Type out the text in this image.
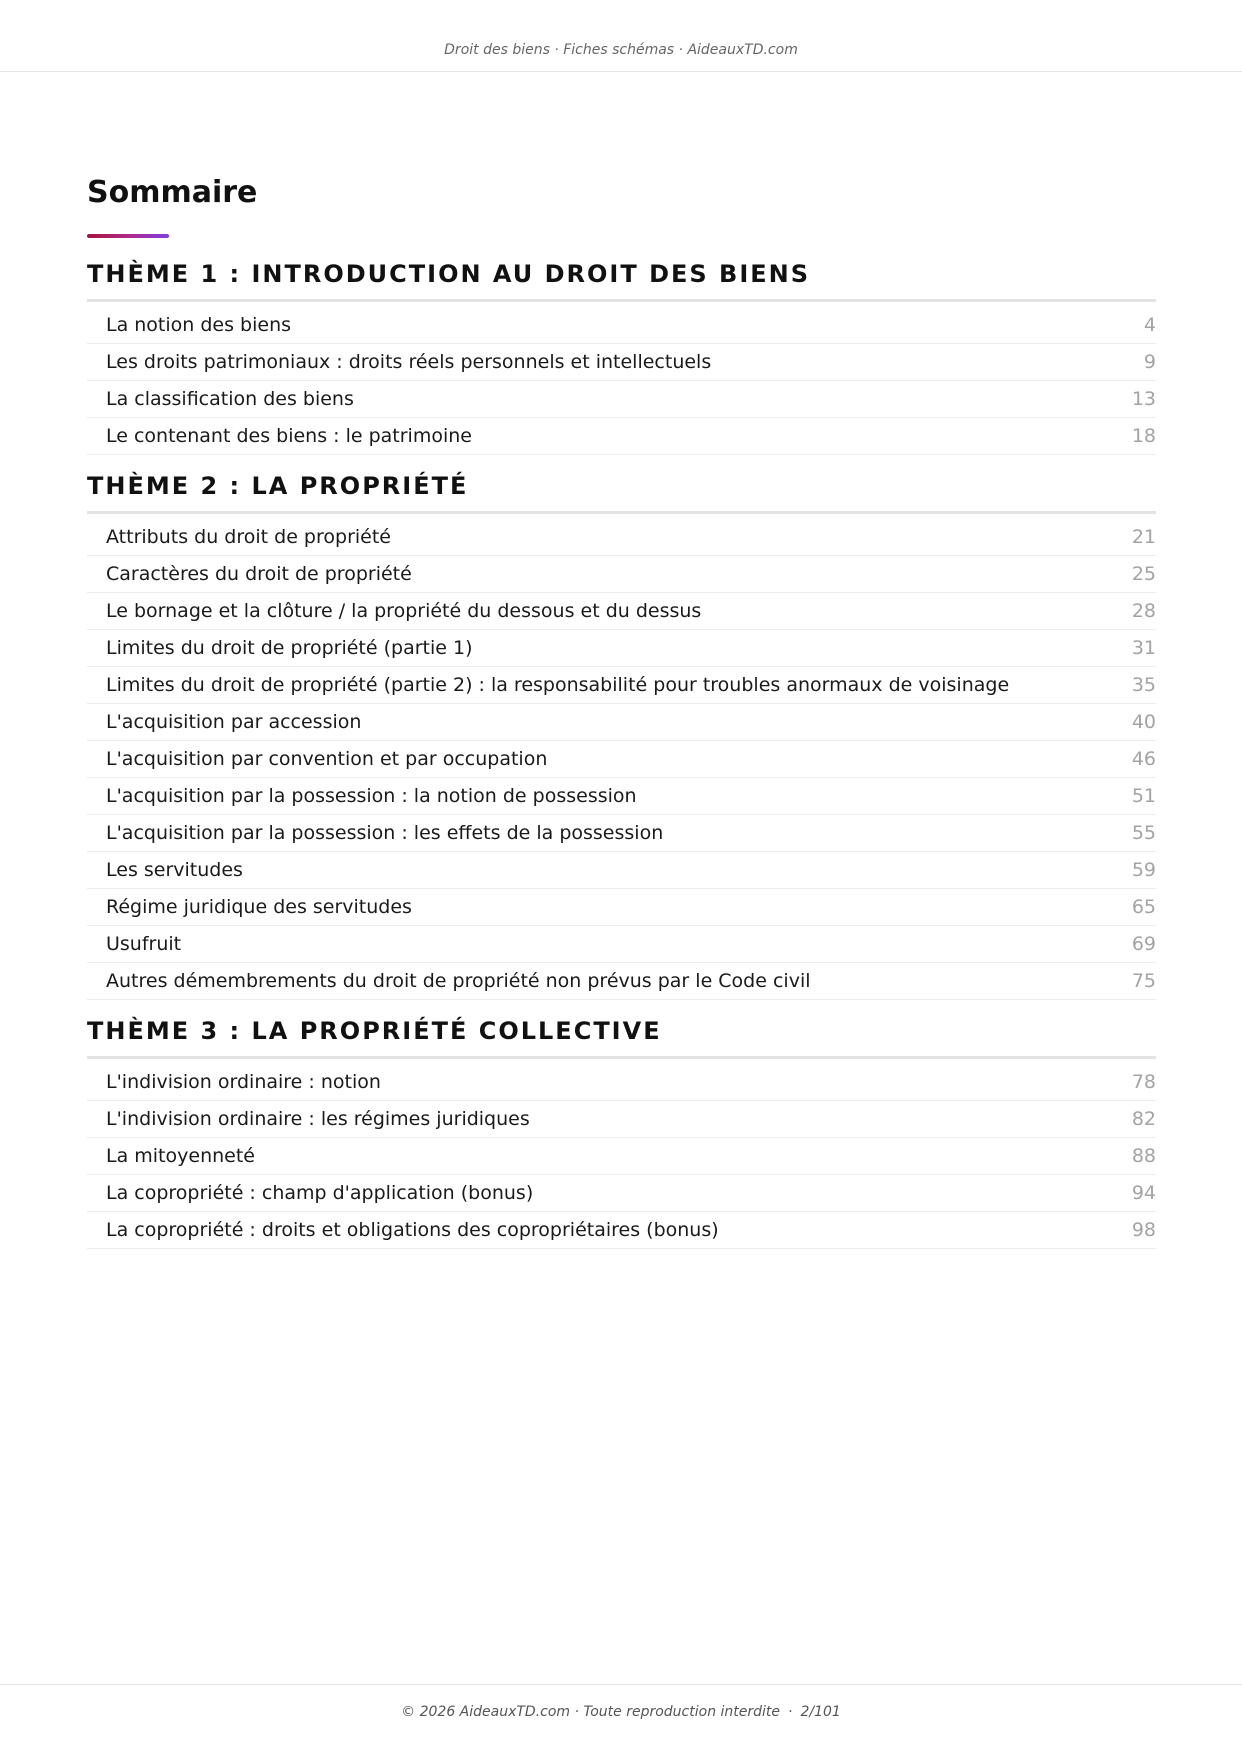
Droit des biens · Fiches schémas · AideauxTD.com
Sommaire
THÈME 1 : INTRODUCTION AU DROIT DES BIENS
La notion des biens	4
Les droits patrimoniaux : droits réels personnels et intellectuels	9
La classification des biens	13
Le contenant des biens : le patrimoine	18
THÈME 2 : LA PROPRIÉTÉ
Attributs du droit de propriété	21
Caractères du droit de propriété	25
Le bornage et la clôture / la propriété du dessous et du dessus	28
Limites du droit de propriété (partie 1)	31
Limites du droit de propriété (partie 2) : la responsabilité pour troubles anormaux de voisinage	35
L'acquisition par accession	40
L'acquisition par convention et par occupation	46
L'acquisition par la possession : la notion de possession	51
L'acquisition par la possession : les effets de la possession	55
Les servitudes	59
Régime juridique des servitudes	65
Usufruit	69
Autres démembrements du droit de propriété non prévus par le Code civil	75
THÈME 3 : LA PROPRIÉTÉ COLLECTIVE
L'indivision ordinaire : notion	78
L'indivision ordinaire : les régimes juridiques	82
La mitoyenneté	88
La copropriété : champ d'application (bonus)	94
La copropriété : droits et obligations des copropriétaires (bonus)	98
© 2026 AideauxTD.com · Toute reproduction interdite · 2/101
